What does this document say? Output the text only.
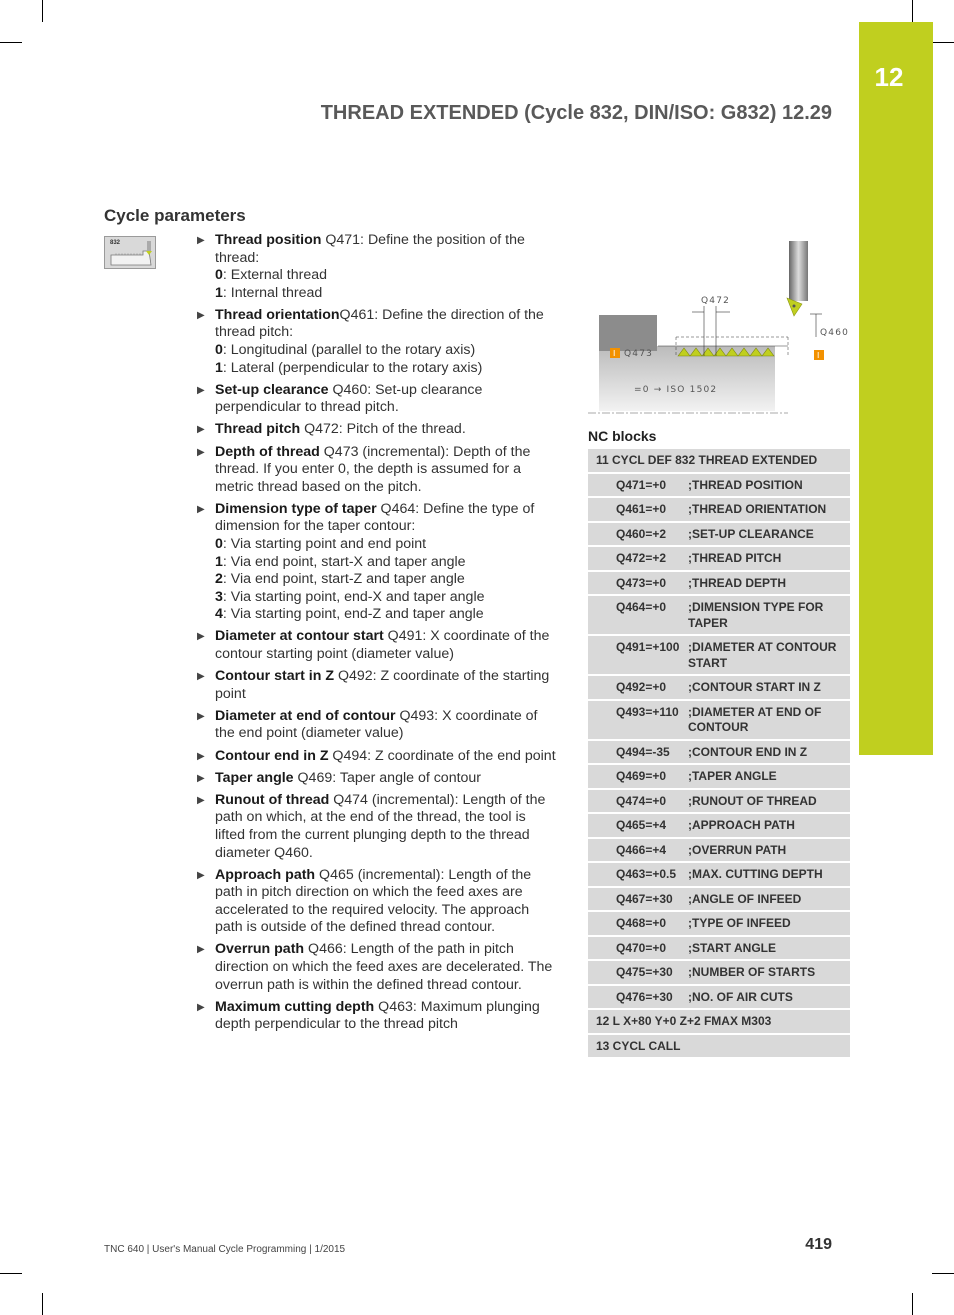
12
THREAD EXTENDED (Cycle 832, DIN/ISO: G832) 12.29
Cycle parameters
832	▶ Thread position Q471: Define the position of the thread:
0: External thread
1: Internal thread
▶ Thread orientationQ461: Define the direction of the thread pitch:
0: Longitudinal (parallel to the rotary axis)
1: Lateral (perpendicular to the rotary axis)
▶ Set-up clearance Q460: Set-up clearance perpendicular to thread pitch.
▶ Thread pitch Q472: Pitch of the thread.
▶ Depth of thread Q473 (incremental): Depth of the thread. If you enter 0, the depth is assumed for a metric thread based on the pitch.
▶ Dimension type of taper Q464: Define the type of dimension for the taper contour:
0: Via starting point and end point
1: Via end point, start-X and taper angle
2: Via end point, start-Z and taper angle
3: Via starting point, end-X and taper angle
4: Via starting point, end-Z and taper angle
▶ Diameter at contour start Q491: X coordinate of the contour starting point (diameter value)
▶ Contour start in Z Q492: Z coordinate of the starting point
▶ Diameter at end of contour Q493: X coordinate of the end point (diameter value)
▶ Contour end in Z Q494: Z coordinate of the end point
▶ Taper angle Q469: Taper angle of contour
▶ Runout of thread Q474 (incremental): Length of the path on which, at the end of the thread, the tool is lifted from the current plunging depth to the thread diameter Q460.
▶ Approach path Q465 (incremental): Length of the path in pitch direction on which the feed axes are accelerated to the required velocity. The approach path is outside of the defined thread contour.
▶ Overrun path Q466: Length of the path in pitch direction on which the feed axes are decelerated. The overrun path is within the defined thread contour.
▶ Maximum cutting depth Q463: Maximum plunging depth perpendicular to the thread pitch
Q472
Q460
Q473
=0 → ISO 1502
I	I
NC blocks
11 CYCL DEF 832 THREAD EXTENDED
Q471=+0	;THREAD POSITION
Q461=+0	;THREAD ORIENTATION
Q460=+2	;SET-UP CLEARANCE
Q472=+2	;THREAD PITCH
Q473=+0	;THREAD DEPTH
Q464=+0	;DIMENSION TYPE FOR TAPER
Q491=+100 ;DIAMETER AT CONTOUR START
Q492=+0	;CONTOUR START IN Z
Q493=+110 ;DIAMETER AT END OF CONTOUR
Q494=-35	;CONTOUR END IN Z
Q469=+0	;TAPER ANGLE
Q474=+0	;RUNOUT OF THREAD
Q465=+4	;APPROACH PATH
Q466=+4	;OVERRUN PATH
Q463=+0.5 ;MAX. CUTTING DEPTH
Q467=+30	;ANGLE OF INFEED
Q468=+0	;TYPE OF INFEED
Q470=+0	;START ANGLE
Q475=+30	;NUMBER OF STARTS
Q476=+30	;NO. OF AIR CUTS
12 L X+80 Y+0 Z+2 FMAX M303
13 CYCL CALL
TNC 640 | User's Manual Cycle Programming | 1/2015	419
